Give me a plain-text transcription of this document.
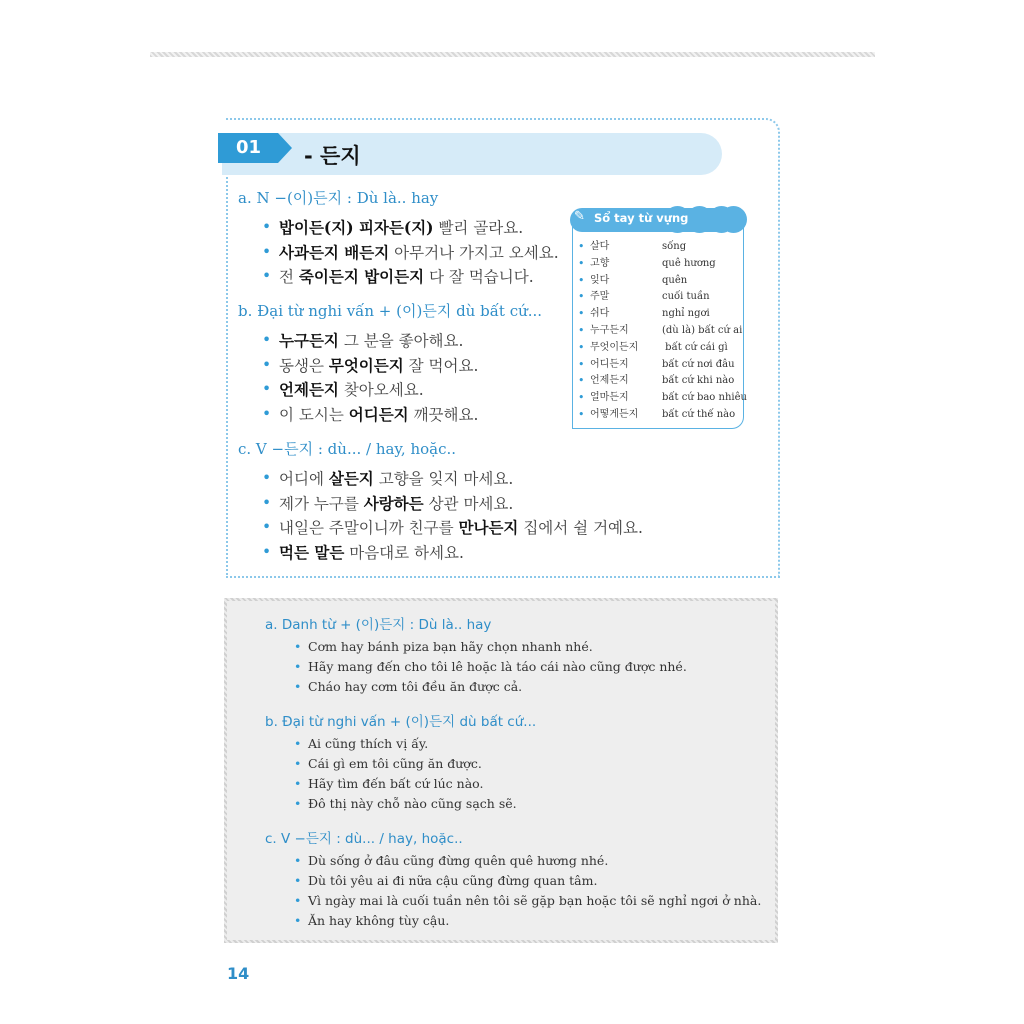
01	- 든지
a. N −(이)든지 : Dù là.. hay
• 밥이든(지) 피자든(지) 빨리 골라요.
• 사과든지 배든지 아무거나 가지고 오세요.
• 전 죽이든지 밥이든지 다 잘 먹습니다.
b. Đại từ nghi vấn + (이)든지 dù bất cứ...
• 누구든지 그 분을 좋아해요.
• 동생은 무엇이든지 잘 먹어요.
• 언제든지 찾아오세요.
• 이 도시는 어디든지 깨끗해요.
c. V −든지 : dù... / hay, hoặc..
• 어디에 살든지 고향을 잊지 마세요.
• 제가 누구를 사랑하든 상관 마세요.
• 내일은 주말이니까 친구를 만나든지 집에서 쉴 거예요.
• 먹든 말든 마음대로 하세요.
✎ Sổ tay từ vựng
• 살다	sống
• 고향	quê hương
• 잊다	quên
• 주말	cuối tuần
• 쉬다	nghỉ ngơi
• 누구든지	(dù là) bất cứ ai
• 무엇이든지 bất cứ cái gì
• 어디든지	bất cứ nơi đâu
• 언제든지	bất cứ khi nào
• 얼마든지	bất cứ bao nhiêu
• 어떻게든지 bất cứ thế nào
a. Danh từ + (이)든지 : Dù là.. hay
• Cơm hay bánh piza bạn hãy chọn nhanh nhé.
• Hãy mang đến cho tôi lê hoặc là táo cái nào cũng được nhé.
• Cháo hay cơm tôi đều ăn được cả.
b. Đại từ nghi vấn + (이)든지 dù bất cứ...
• Ai cũng thích vị ấy.
• Cái gì em tôi cũng ăn được.
• Hãy tìm đến bất cứ lúc nào.
• Đô thị này chỗ nào cũng sạch sẽ.
c. V −든지 : dù... / hay, hoặc..
• Dù sống ở đâu cũng đừng quên quê hương nhé.
• Dù tôi yêu ai đi nữa cậu cũng đừng quan tâm.
• Vì ngày mai là cuối tuần nên tôi sẽ gặp bạn hoặc tôi sẽ nghỉ ngơi ở nhà.
• Ăn hay không tùy cậu.
14
